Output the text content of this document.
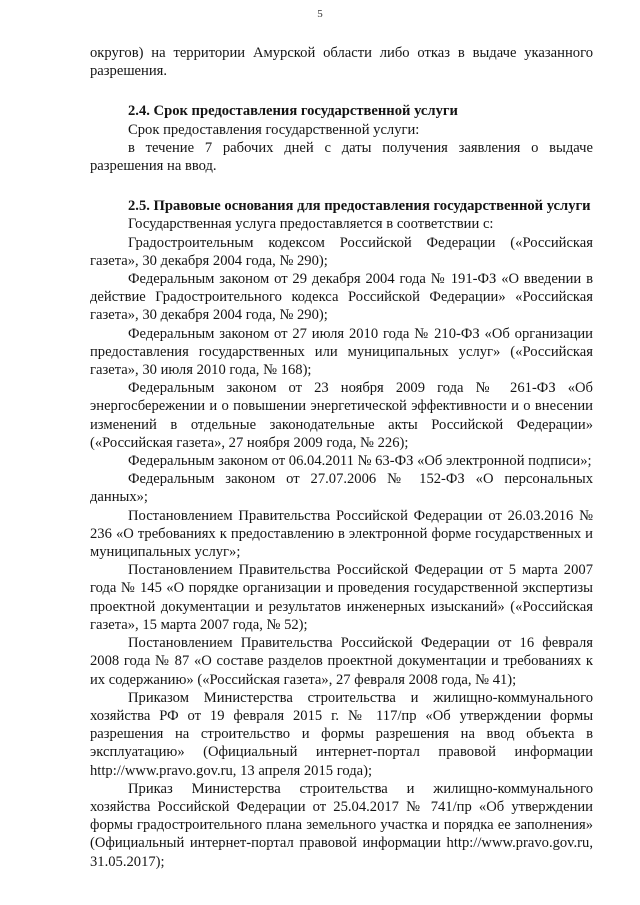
5

округов) на территории Амурской области либо отказ в выдаче указанного разрешения.

2.4. Срок предоставления государственной услуги

Срок предоставления государственной услуги:

в течение 7 рабочих дней с даты получения заявления о выдаче разрешения на ввод.

2.5. Правовые основания для предоставления государственной услуги

Государственная услуга предоставляется в соответствии с:

Градостроительным кодексом Российской Федерации («Российская газета», 30 декабря 2004 года, № 290);

Федеральным законом от 29 декабря 2004 года № 191-ФЗ «О введении в действие Градостроительного кодекса Российской Федерации» «Российская газета», 30 декабря 2004 года, № 290);

Федеральным законом от 27 июля 2010 года № 210-ФЗ «Об организации предоставления государственных или муниципальных услуг» («Российская газета», 30 июля 2010 года, № 168);

Федеральным законом от 23 ноября 2009 года № 261-ФЗ «Об энергосбережении и о повышении энергетической эффективности и о внесении изменений в отдельные законодательные акты Российской Федерации» («Российская газета», 27 ноября 2009 года, № 226);

Федеральным законом от 06.04.2011 № 63-ФЗ «Об электронной подписи»;

Федеральным законом от 27.07.2006 № 152-ФЗ «О персональных данных»;

Постановлением Правительства Российской Федерации от 26.03.2016 № 236 «О требованиях к предоставлению в электронной форме государственных и муниципальных услуг»;

Постановлением Правительства Российской Федерации от 5 марта 2007 года № 145 «О порядке организации и проведения государственной экспертизы проектной документации и результатов инженерных изысканий» («Российская газета», 15 марта 2007 года, № 52);

Постановлением Правительства Российской Федерации от 16 февраля 2008 года № 87 «О составе разделов проектной документации и требованиях к их содержанию» («Российская газета», 27 февраля 2008 года, № 41);

Приказом Министерства строительства и жилищно-коммунального хозяйства РФ от 19 февраля 2015 г. № 117/пр «Об утверждении формы разрешения на строительство и формы разрешения на ввод объекта в эксплуатацию» (Официальный интернет-портал правовой информации http://www.pravo.gov.ru, 13 апреля 2015 года);

Приказ Министерства строительства и жилищно-коммунального хозяйства Российской Федерации от 25.04.2017 № 741/пр «Об утверждении формы градостроительного плана земельного участка и порядка ее заполнения» (Официальный интернет-портал правовой информации http://www.pravo.gov.ru, 31.05.2017);
